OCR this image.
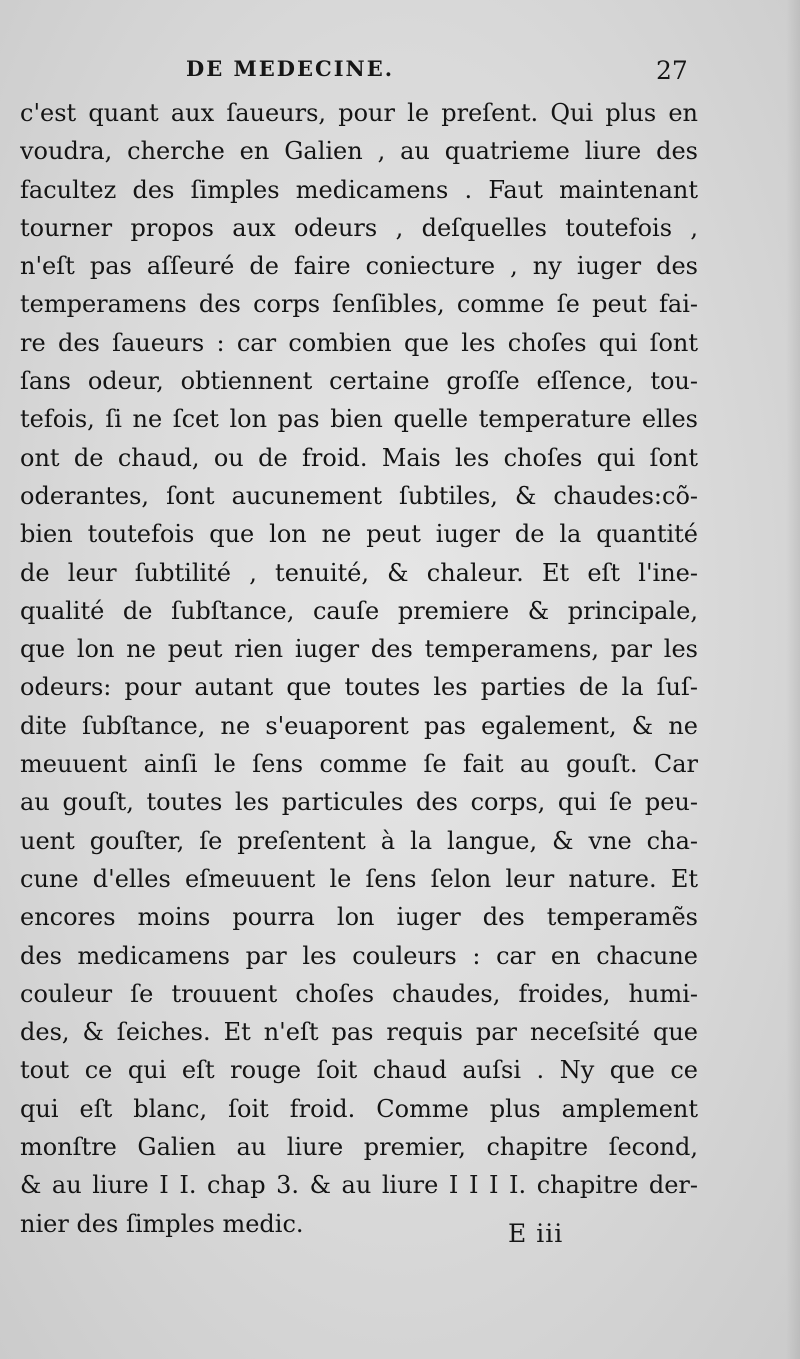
DE MEDECINE.	27
c'est quant aux ſaueurs, pour le preſent. Qui plus en
voudra, cherche en Galien , au quatrieme liure des
facultez des ſimples medicamens . Faut maintenant
tourner propos aux odeurs , deſquelles toutefois ,
n'eſt pas aſſeuré de faire coniecture , ny iuger des
temperamens des corps ſenſibles, comme ſe peut fai-
re des ſaueurs : car combien que les choſes qui ſont
ſans odeur, obtiennent certaine groſſe eſſence, tou-
tefois, ſi ne ſcet lon pas bien quelle temperature elles
ont de chaud, ou de froid. Mais les choſes qui ſont
oderantes, ſont aucunement ſubtiles, & chaudes:cõ-
bien toutefois que lon ne peut iuger de la quantité
de leur ſubtilité , tenuité, & chaleur. Et eſt l'ine-
qualité de ſubſtance, cauſe premiere & principale,
que lon ne peut rien iuger des temperamens, par les
odeurs: pour autant que toutes les parties de la ſuſ-
dite ſubſtance, ne s'euaporent pas egalement, & ne
meuuent ainſi le ſens comme ſe fait au gouſt. Car
au gouſt, toutes les particules des corps, qui ſe peu-
uent gouſter, ſe preſentent à la langue, & vne cha-
cune d'elles eſmeuuent le ſens ſelon leur nature. Et
encores moins pourra lon iuger des temperamẽs
des medicamens par les couleurs : car en chacune
couleur ſe trouuent choſes chaudes, froides, humi-
des, & ſeiches. Et n'eſt pas requis par neceſsité que
tout ce qui eſt rouge ſoit chaud auſsi . Ny que ce
qui eſt blanc, ſoit froid. Comme plus amplement
monſtre Galien au liure premier, chapitre ſecond,
& au liure I I. chap 3. & au liure I I I I. chapitre der-
nier des ſimples medic.	E iii
